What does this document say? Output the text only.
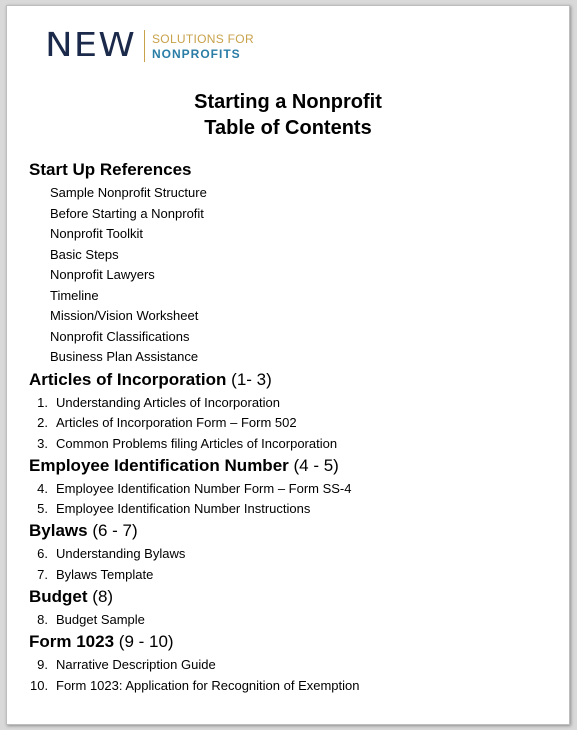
NEW SOLUTIONS FOR
NONPROFITS
Starting a Nonprofit
Table of Contents
Start Up References
Sample Nonprofit Structure
Before Starting a Nonprofit
Nonprofit Toolkit
Basic Steps
Nonprofit Lawyers
Timeline
Mission/Vision Worksheet
Nonprofit Classifications
Business Plan Assistance
Articles of Incorporation (1- 3)
1. Understanding Articles of Incorporation
2. Articles of Incorporation Form – Form 502
3. Common Problems filing Articles of Incorporation
Employee Identification Number (4 - 5)
4. Employee Identification Number Form – Form SS-4
5. Employee Identification Number Instructions
Bylaws (6 - 7)
6. Understanding Bylaws
7. Bylaws Template
Budget (8)
8. Budget Sample
Form 1023 (9 - 10)
9. Narrative Description Guide
10. Form 1023: Application for Recognition of Exemption
